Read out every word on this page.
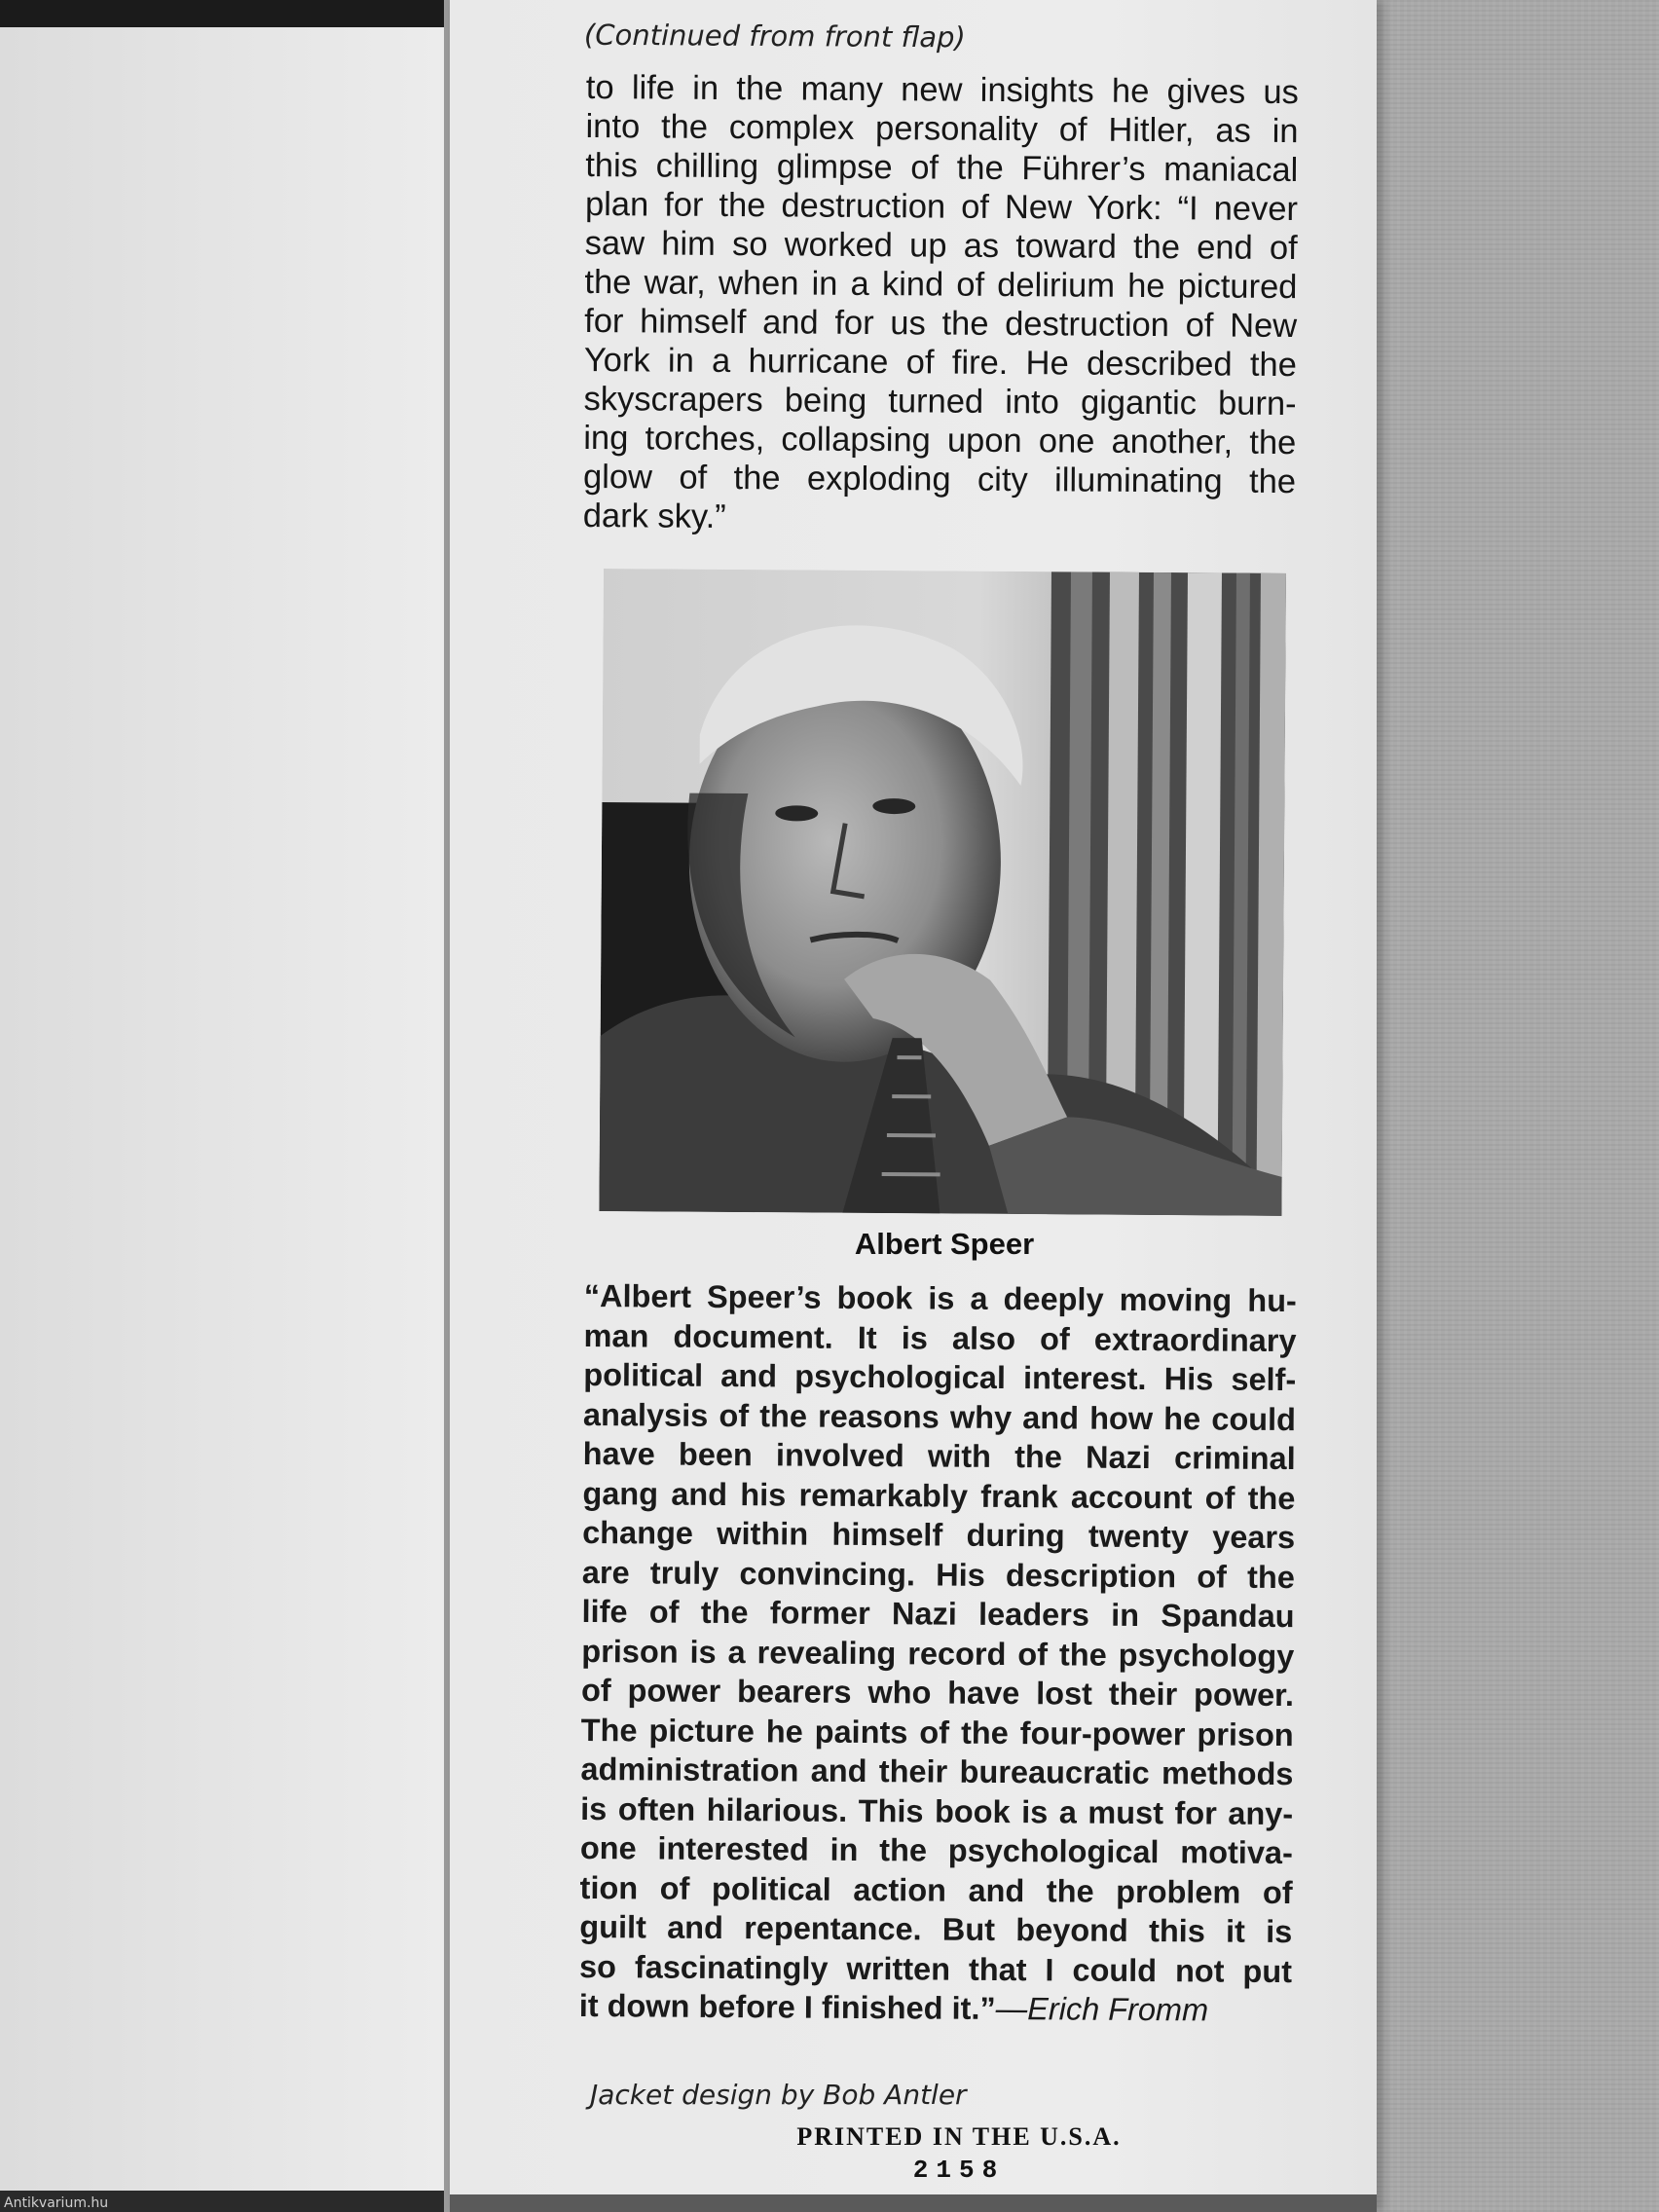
(Continued from front flap)
to life in the many new insights he gives us
into the complex personality of Hitler, as in
this chilling glimpse of the Führer’s maniacal
plan for the destruction of New York: “I never
saw him so worked up as toward the end of
the war, when in a kind of delirium he pictured
for himself and for us the destruction of New
York in a hurricane of fire. He described the
skyscrapers being turned into gigantic burn-
ing torches, collapsing upon one another, the
glow of the exploding city illuminating the
dark sky.”
Albert Speer
“Albert Speer’s book is a deeply moving hu-
man document. It is also of extraordinary
political and psychological interest. His self-
analysis of the reasons why and how he could
have been involved with the Nazi criminal
gang and his remarkably frank account of the
change within himself during twenty years
are truly convincing. His description of the
life of the former Nazi leaders in Spandau
prison is a revealing record of the psychology
of power bearers who have lost their power.
The picture he paints of the four-power prison
administration and their bureaucratic methods
is often hilarious. This book is a must for any-
one interested in the psychological motiva-
tion of political action and the problem of
guilt and repentance. But beyond this it is
so fascinatingly written that I could not put
it down before I finished it.”—Erich Fromm
Jacket design by Bob Antler
PRINTED IN THE U.S.A.
2158
Antikvarium.hu
